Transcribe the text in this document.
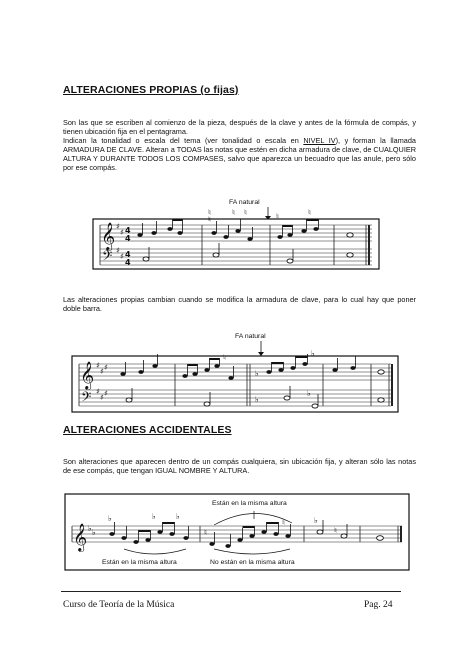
ALTERACIONES PROPIAS (o fijas)

Son las que se escriben al comienzo de la pieza, después de la clave y antes de la fórmula de compás, y tienen ubicación fija en el pentagrama.

Indican la tonalidad o escala del tema (ver tonalidad o escala en NIVEL IV), y forman la llamada ARMADURA DE CLAVE. Alteran a TODAS las notas que estén en dicha armadura de clave, de CUALQUIER ALTURA Y DURANTE TODOS LOS COMPASES, salvo que aparezca un becuadro que las anule, pero sólo por ese compás.

FA natural
𝄞
𝄢
♯
♯
♯
♯
4
4
4
4
♮
♮
♮ ♮	♮	♮
Las alteraciones propias cambian cuando se modifica la armadura de clave, para lo cual hay que poner doble barra.
FA natural
𝄞
𝄢
♯
♯ ♯
♯
♯ ♯
♮
♭
♭
♭
♭
ALTERACIONES ACCIDENTALES
Son alteraciones que aparecen dentro de un compás cualquiera, sin ubicación fija, y alteran sólo las notas de ese compás, que tengan IGUAL NOMBRE Y ALTURA.
Están en la misma altura
𝄞 ♭ ♭
♭	♭	♭
Están en la misma altura
♮
♮
No están en la misma altura
♭
♮
Curso de Teoría de la Música	Pag. 24
